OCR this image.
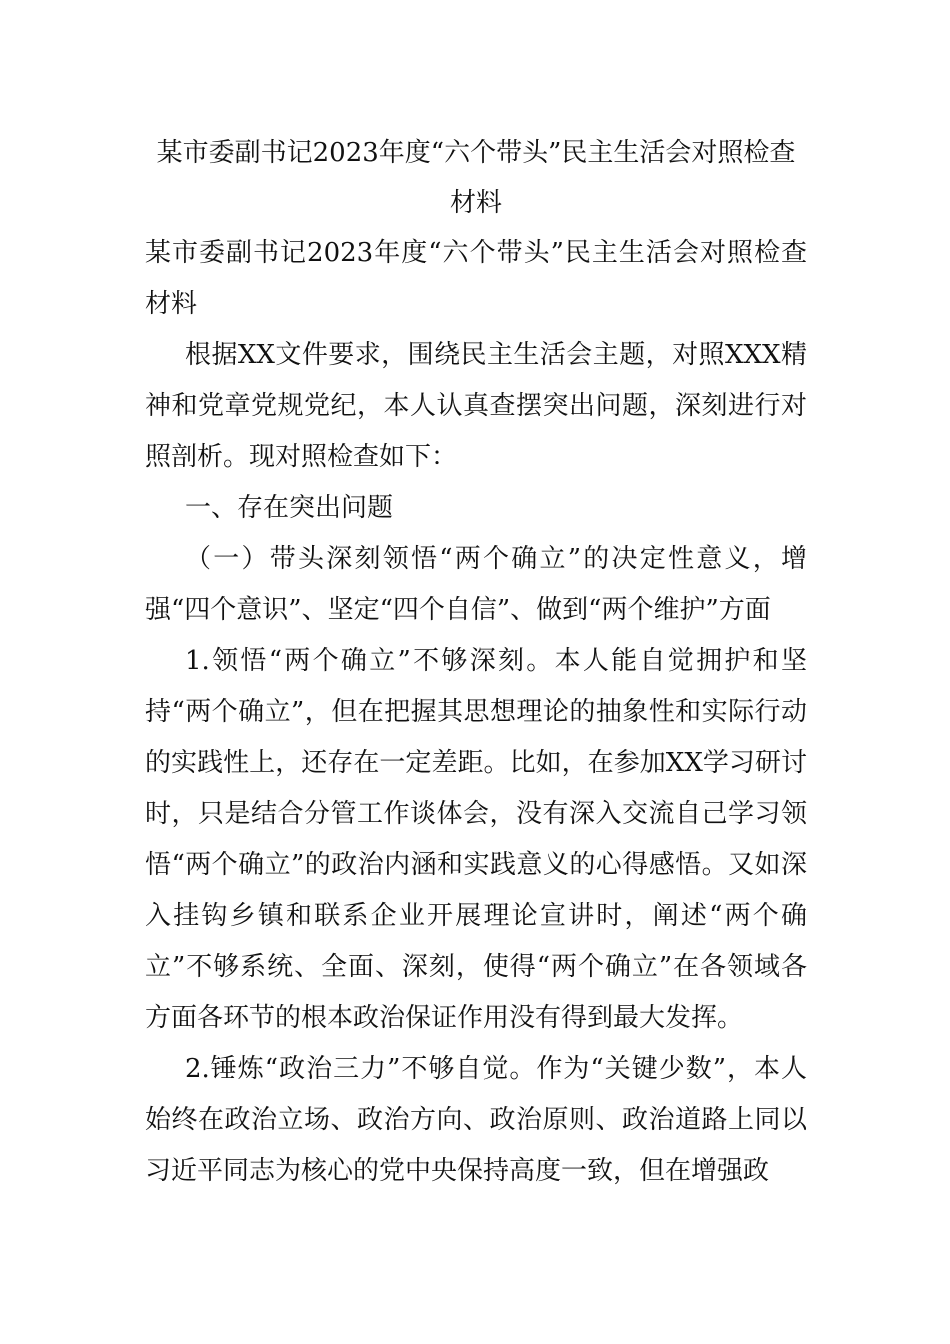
某市委副书记2023年度“六个带头”民主生活会对照检查
材料
某市委副书记2023年度“六个带头”民主生活会对照检查材料

根据XX文件要求，围绕民主生活会主题，对照XXX精神和党章党规党纪，本人认真查摆突出问题，深刻进行对照剖析。现对照检查如下：

一、存在突出问题

（一）带头深刻领悟“两个确立”的决定性意义，增强“四个意识”、坚定“四个自信”、做到“两个维护”方面

1.领悟“两个确立”不够深刻。本人能自觉拥护和坚持“两个确立”，但在把握其思想理论的抽象性和实际行动的实践性上，还存在一定差距。比如，在参加XX学习研讨时，只是结合分管工作谈体会，没有深入交流自己学习领悟“两个确立”的政治内涵和实践意义的心得感悟。又如深入挂钩乡镇和联系企业开展理论宣讲时，阐述“两个确立”不够系统、全面、深刻，使得“两个确立”在各领域各方面各环节的根本政治保证作用没有得到最大发挥。

2.锤炼“政治三力”不够自觉。作为“关键少数”，本人始终在政治立场、政治方向、政治原则、政治道路上同以习近平同志为核心的党中央保持高度一致，但在增强政
